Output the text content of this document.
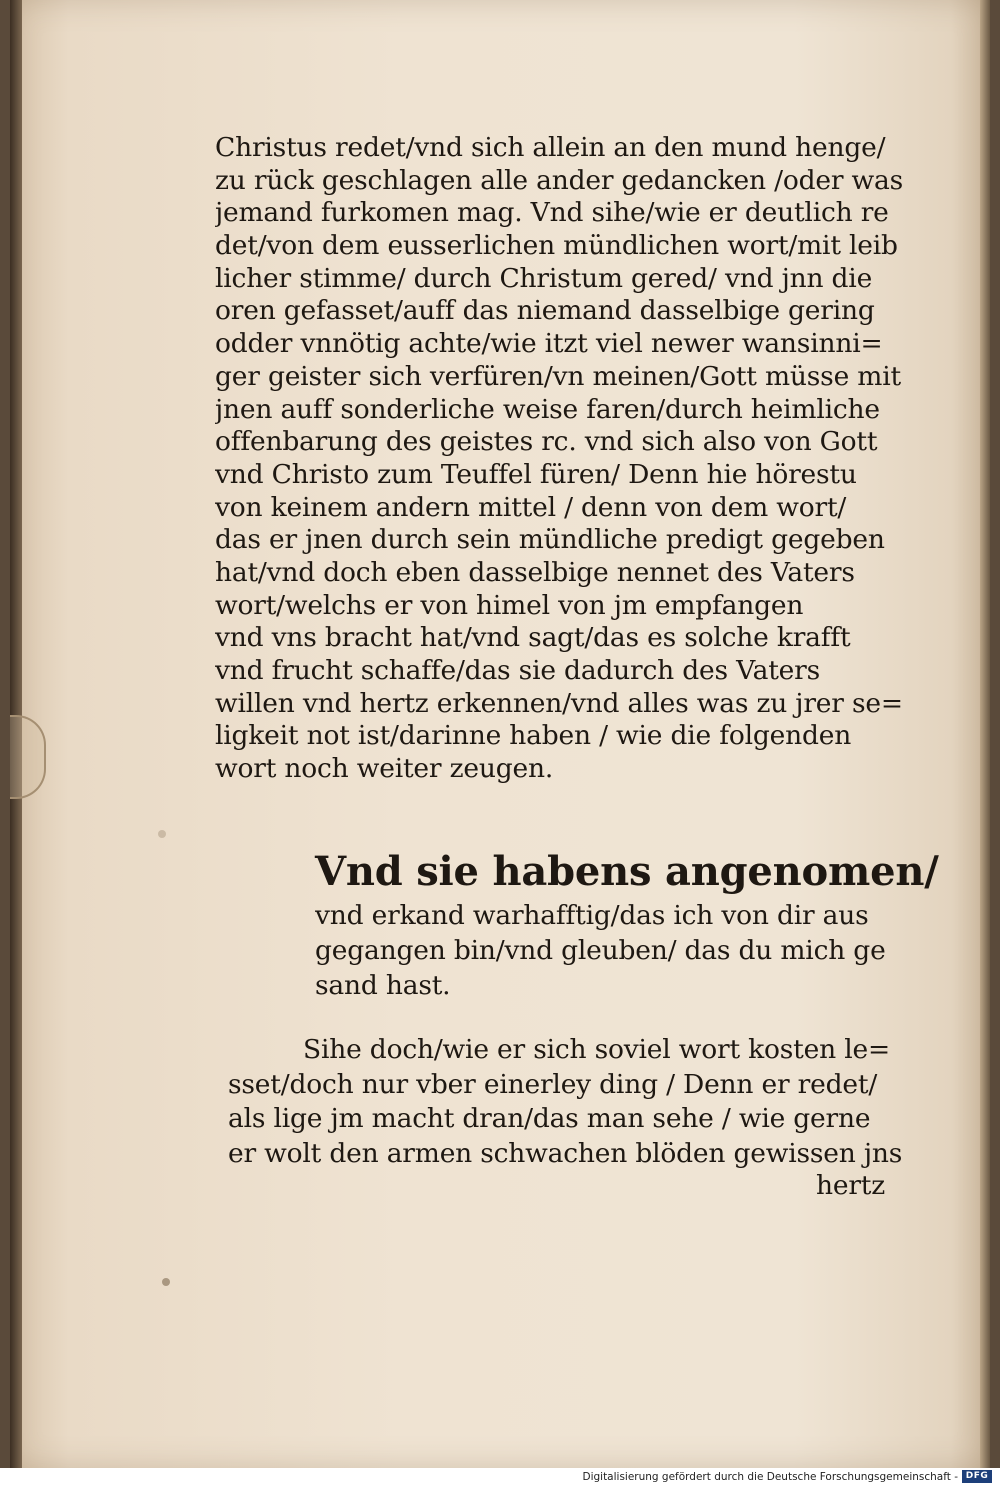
Christus redet/vnd sich allein an den mund henge/
zu rück geschlagen alle ander gedancken /oder was
jemand furkomen mag. Vnd sihe/wie er deutlich re
det/von dem eusserlichen mündlichen wort/mit leib
licher stimme/ durch Christum gered/ vnd jnn die
oren gefasset/auff das niemand dasselbige gering
odder vnnötig achte/wie itzt viel newer wansinni=
ger geister sich verfüren/vn meinen/Gott müsse mit
jnen auff sonderliche weise faren/durch heimliche
offenbarung des geistes rc. vnd sich also von Gott
vnd Christo zum Teuffel füren/ Denn hie hörestu
von keinem andern mittel / denn von dem wort/
das er jnen durch sein mündliche predigt gegeben
hat/vnd doch eben dasselbige nennet des Vaters
wort/welchs er von himel von jm empfangen
vnd vns bracht hat/vnd sagt/das es solche krafft
vnd frucht schaffe/das sie dadurch des Vaters
willen vnd hertz erkennen/vnd alles was zu jrer se=
ligkeit not ist/darinne haben / wie die folgenden
wort noch weiter zeugen.
Vnd sie habens angenomen/
vnd erkand warhafftig/das ich von dir aus
gegangen bin/vnd gleuben/ das du mich ge
sand hast.
Sihe doch/wie er sich soviel wort kosten le=
sset/doch nur vber einerley ding / Denn er redet/
als lige jm macht dran/das man sehe / wie gerne
er wolt den armen schwachen blöden gewissen jns
hertz
Digitalisierung gefördert durch die Deutsche Forschungsgemeinschaft - DFG
